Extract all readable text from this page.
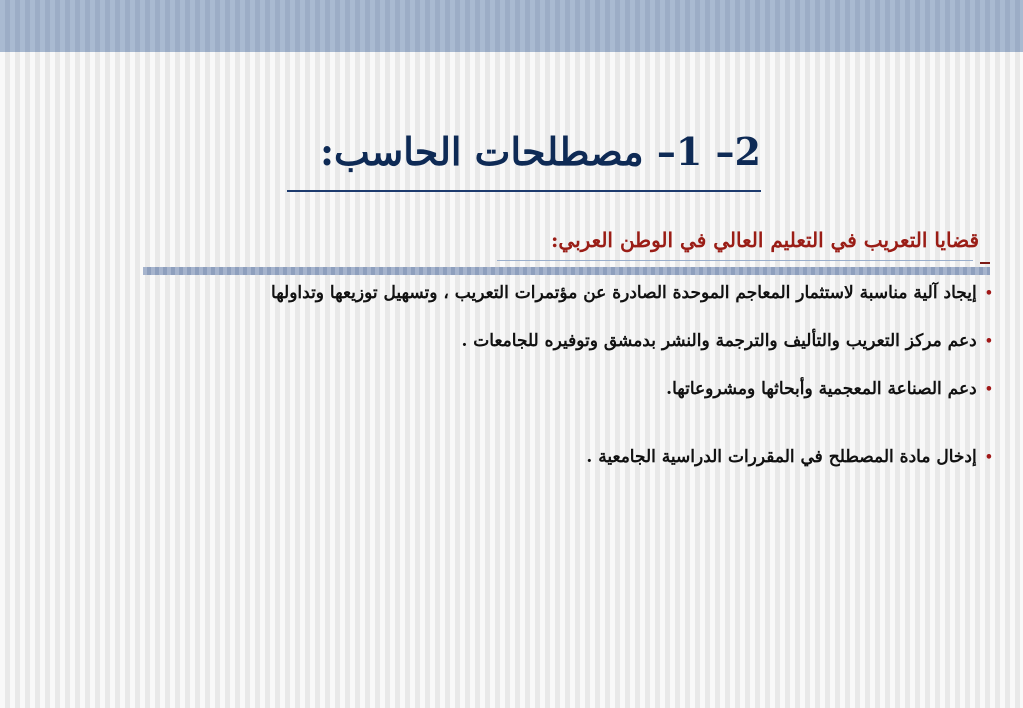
2– 1– مصطلحات الحاسب:
قضايا التعريب في التعليم العالي في الوطن العربي:
•إيجاد آلية مناسبة لاستثمار المعاجم الموحدة الصادرة عن مؤتمرات التعريب ، وتسهيل توزيعها وتداولها
•دعم مركز التعريب والتأليف والترجمة والنشر بدمشق وتوفيره للجامعات .
•دعم الصناعة المعجمية وأبحاثها ومشروعاتها.
•إدخال مادة المصطلح في المقررات الدراسية الجامعية .
